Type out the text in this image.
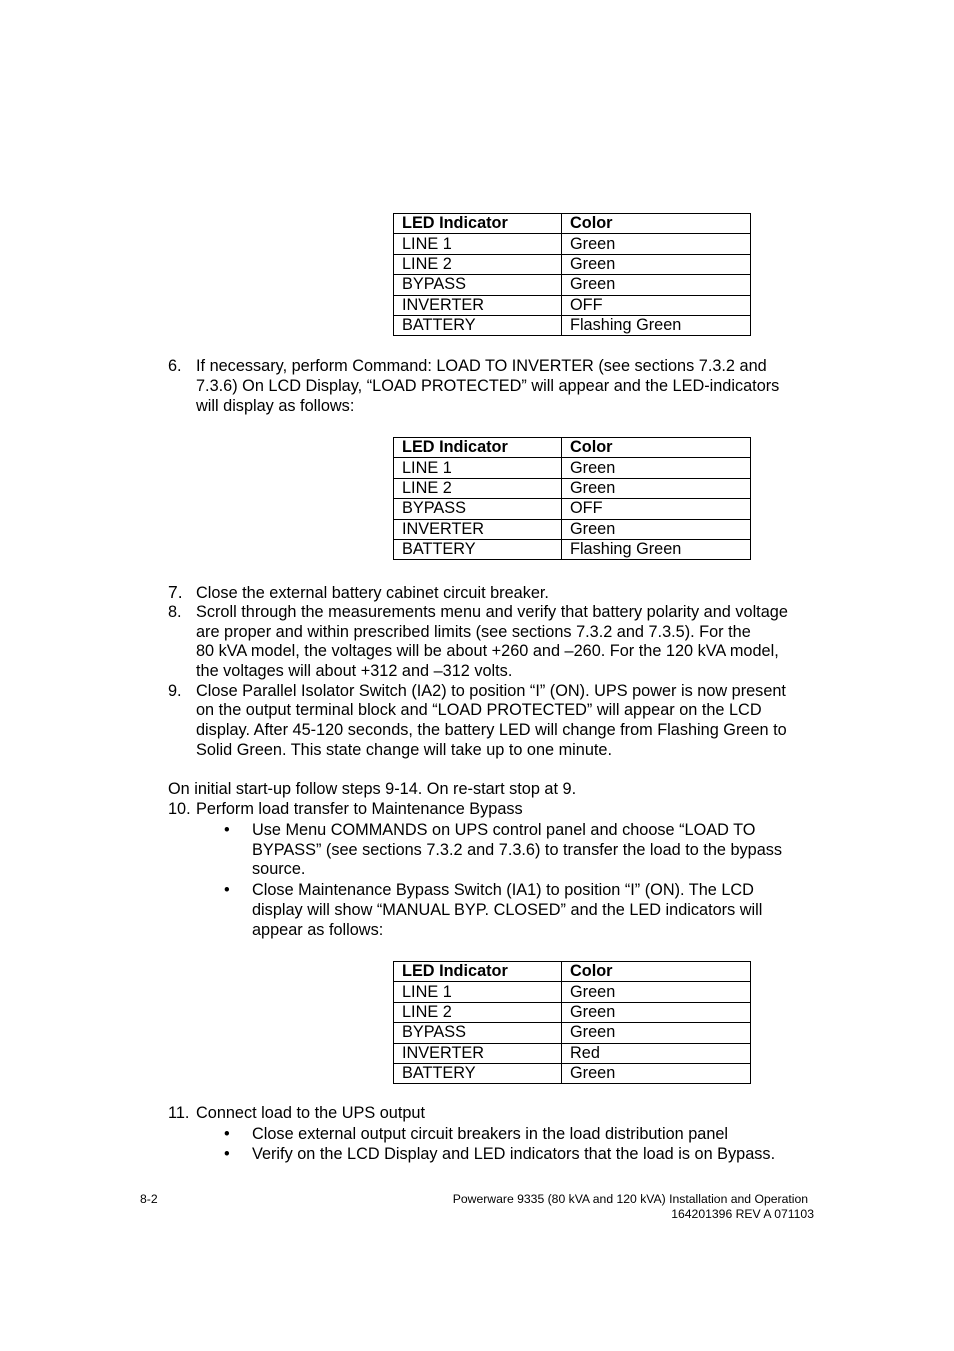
LED Indicator	Color
LINE 1	Green
LINE 2	Green
BYPASS	Green
INVERTER	OFF
BATTERY	Flashing Green
6. If necessary, perform Command: LOAD TO INVERTER (see sections 7.3.2 and
7.3.6) On LCD Display, “LOAD PROTECTED” will appear and the LED-indicators
will display as follows:
LED Indicator	Color
LINE 1	Green
LINE 2	Green
BYPASS	OFF
INVERTER	Green
BATTERY	Flashing Green
7. Close the external battery cabinet circuit breaker.
8. Scroll through the measurements menu and verify that battery polarity and voltage
are proper and within prescribed limits (see sections 7.3.2 and 7.3.5). For the
80 kVA model, the voltages will be about +260 and –260. For the 120 kVA model,
the voltages will about +312 and –312 volts.
9. Close Parallel Isolator Switch (IA2) to position “I” (ON). UPS power is now present
on the output terminal block and “LOAD PROTECTED” will appear on the LCD
display. After 45-120 seconds, the battery LED will change from Flashing Green to
Solid Green. This state change will take up to one minute.
On initial start-up follow steps 9-14. On re-start stop at 9.
10. Perform load transfer to Maintenance Bypass
• Use Menu COMMANDS on UPS control panel and choose “LOAD TO
BYPASS” (see sections 7.3.2 and 7.3.6) to transfer the load to the bypass
source.
• Close Maintenance Bypass Switch (IA1) to position “I” (ON). The LCD
display will show “MANUAL BYP. CLOSED” and the LED indicators will
appear as follows:
LED Indicator	Color
LINE 1	Green
LINE 2	Green
BYPASS	Green
INVERTER	Red
BATTERY	Green
11. Connect load to the UPS output
• Close external output circuit breakers in the load distribution panel
• Verify on the LCD Display and LED indicators that the load is on Bypass.
8-2	Powerware 9335 (80 kVA and 120 kVA) Installation and Operation
164201396 REV A 071103
